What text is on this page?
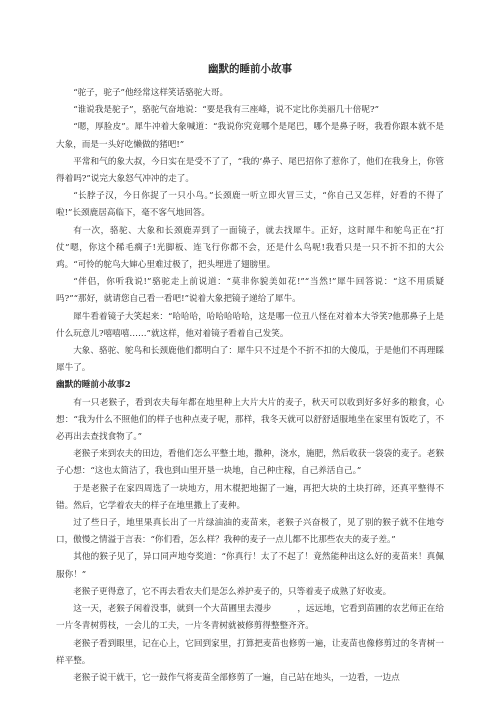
幽默的睡前小故事

“驼子，驼子”他经常这样笑话骆驼大哥。

“谁说我是驼子”，骆驼气奋地说：“要是我有三座峰，说不定比你美丽几十倍呢?”

“嗯，厚脸皮”。犀牛冲着大象喊道：“我说你究竟哪个是尾巴，哪个是鼻子呀，我看你跟本就不是大象，而是一头好吃懒做的猪吧!”

平常和气的象大叔，今日实在是受不了了，“我的’鼻子、尾巴招你了惹你了，他们在我身上，你管得着吗?”说完大象怒气冲冲的走了。

“长脖子汉，今日你捉了一只小鸟。”长颈鹿一听立即火冒三丈，“你自己又怎样，好看的不得了啦!”长颈鹿居高临下，毫不客气地回答。

有一次，骆驼、大象和长颈鹿弄到了一面镜子，就去找犀牛。正好，这时犀牛和鸵鸟正在“打仗”嗯，你这个稀毛瘸子!光脚板、连飞行你都不会，还是什么鸟呢!我看只是一只不折不扣的大公鸡。“可怜的鸵鸟大婶心里难过极了，把头埋进了翅膀里。

“伴侣，你听我说!”骆驼走上前说道：“莫非你貌美如花!”“当然!”犀牛回答说：“这不用质疑吗?”“那好，就请您自己看一看吧!”说着大象把镜子递给了犀牛。

犀牛看着镜子大笑起来：“哈哈哈，哈哈哈哈哈，这是哪一位丑八怪在对着本大爷笑?他那鼻子上是什么玩意儿?嘻嘻嘻……”就这样，他对着镜子看着自己发笑。

大象、骆驼、鸵鸟和长颈鹿他们都明白了：犀牛只不过是个不折不扣的大傻瓜，于是他们不再理睬犀牛了。

幽默的睡前小故事2

有一只老猴子，看到农夫每年都在地里种上大片大片的麦子，秋天可以收到好多好多的粮食，心想：“我为什么不照他们的样子也种点麦子呢，那样，我冬天就可以舒舒适服地坐在家里有饭吃了，不必再出去查找食物了。”

老猴子来到农夫的田边，看他们怎么平整土地，撒种，浇水，施肥，然后收获一袋袋的麦子。老猴子心想：“这也太简洁了，我也到山里开垦一块地，自己种庄稼，自己养活自己。”

于是老猴子在家四周选了一块地方，用木棍把地掘了一遍，再把大块的土块打碎，还真平整得不错。然后，它学着农夫的样子在地里撒上了麦种。

过了些日子，地里果真长出了一片绿油油的麦苗来，老猴子兴奋极了，见了别的猴子就不住地夸口，傲慢之情溢于言表：“你们看，怎么样？我种的麦子一点儿都不比那些农夫的麦子差。”

其他的猴子见了，异口同声地夸奖道：“你真行！太了不起了！竟然能种出这么好的麦苗来！真佩服你！”

老猴子更得意了，它不再去看农夫们是怎么养护麦子的，只等着麦子成熟了好收麦。

这一天，老猴子闲着没事，就到一个大苗圃里去漫步　　　，远远地，它看到苗圃的农艺师正在给一片冬青树剪枝，一会儿的工夫，一片冬青树就被修剪得整整齐齐。

老猴子看到眼里，记在心上，它回到家里，打算把麦苗也修剪一遍，让麦苗也像修剪过的冬青树一样平整。

老猴子说干就干，它一鼓作气将麦苗全部修剪了一遍，自己站在地头，一边看，一边点
